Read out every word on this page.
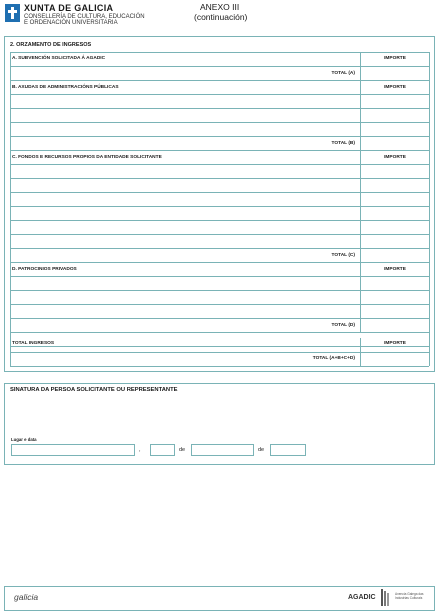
XUNTA DE GALICIA
CONSELLERÍA DE CULTURA, EDUCACIÓN
E ORDENACIÓN UNIVERSITARIA
ANEXO III
(continuación)
2. ORZAMENTO DE INGRESOS
A. SUBVENCIÓN SOLICITADA Á AGADIC	IMPORTE
TOTAL (A)
B. AXUDAS DE ADMINISTRACIÓNS PÚBLICAS	IMPORTE
TOTAL (B)
C. FONDOS E RECURSOS PROPIOS DA ENTIDADE SOLICITANTE	IMPORTE
TOTAL (C)
D. PATROCINIOS PRIVADOS	IMPORTE
TOTAL (D)
TOTAL INGRESOS	IMPORTE
TOTAL (A+B+C+D)
SINATURA DA PERSOA SOLICITANTE OU REPRESENTANTE
Lugar e data
,	de	de
galicia	AGADIC	Axencia Galega das Industrias Culturais
